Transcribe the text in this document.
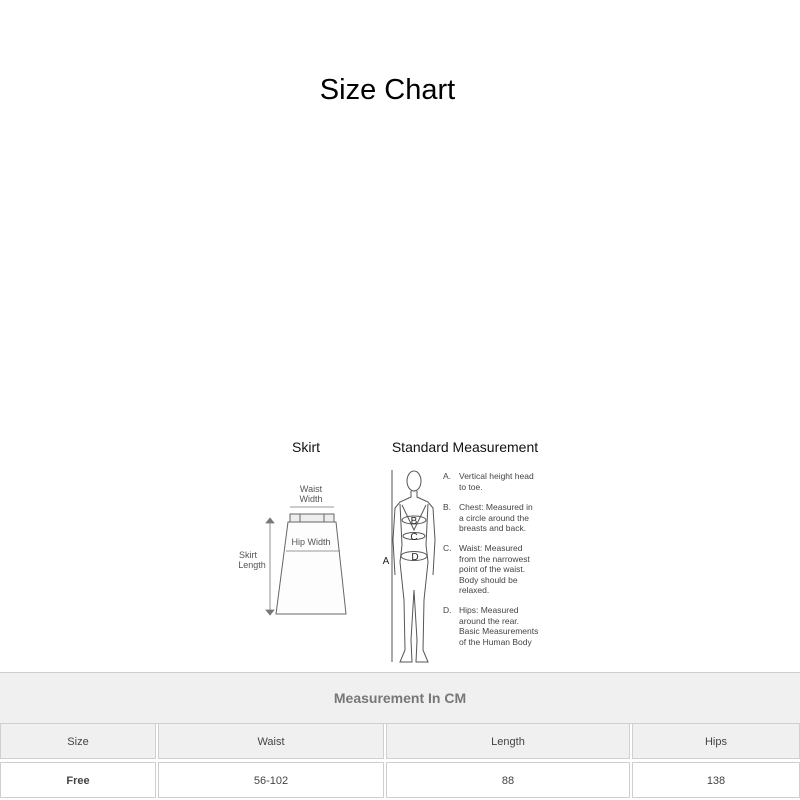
Size Chart
Skirt	Standard Measurement
Waist
Width
Hip Width
Skirt
Length	A
B
C
D
A. Vertical height head
to toe.
B. Chest: Measured in
a circle around the
breasts and back.
C. Waist: Measured
from the narrowest
point of the waist.
Body should be
relaxed.
D. Hips: Measured
around the rear.
Basic Measurements
of the Human Body
Measurement In CM
Size	Waist	Length	Hips
Free	56-102	88	138
